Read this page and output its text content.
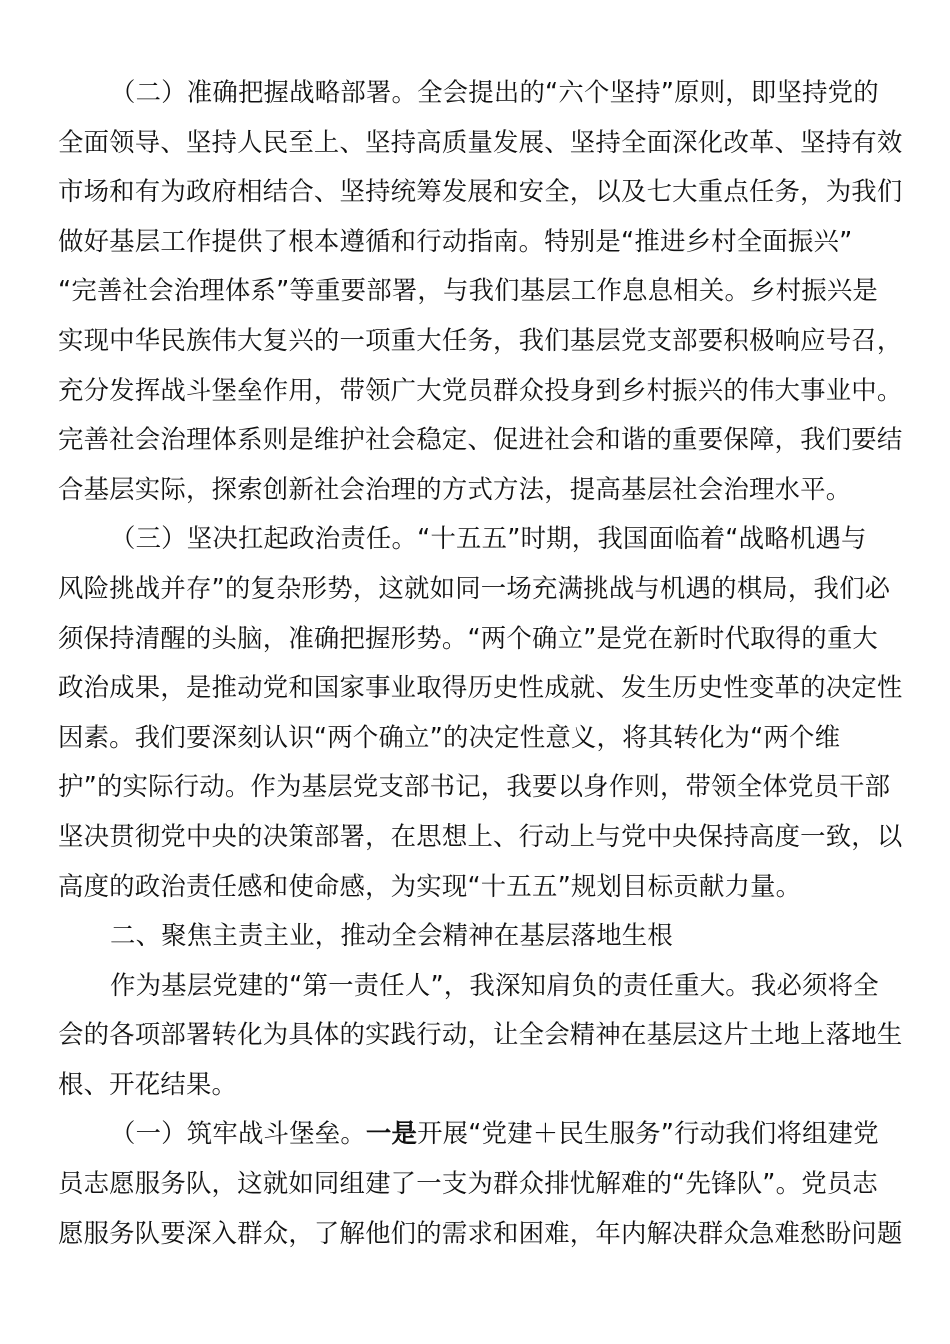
（二）准确把握战略部署。全会提出的“六个坚持”原则，即坚持党的
全面领导、坚持人民至上、坚持高质量发展、坚持全面深化改革、坚持有效
市场和有为政府相结合、坚持统筹发展和安全，以及七大重点任务，为我们
做好基层工作提供了根本遵循和行动指南。特别是“推进乡村全面振兴”
“完善社会治理体系”等重要部署，与我们基层工作息息相关。乡村振兴是
实现中华民族伟大复兴的一项重大任务，我们基层党支部要积极响应号召，
充分发挥战斗堡垒作用，带领广大党员群众投身到乡村振兴的伟大事业中。
完善社会治理体系则是维护社会稳定、促进社会和谐的重要保障，我们要结
合基层实际，探索创新社会治理的方式方法，提高基层社会治理水平。
（三）坚决扛起政治责任。“十五五”时期，我国面临着“战略机遇与
风险挑战并存”的复杂形势，这就如同一场充满挑战与机遇的棋局，我们必
须保持清醒的头脑，准确把握形势。“两个确立”是党在新时代取得的重大
政治成果，是推动党和国家事业取得历史性成就、发生历史性变革的决定性
因素。我们要深刻认识“两个确立”的决定性意义，将其转化为“两个维
护”的实际行动。作为基层党支部书记，我要以身作则，带领全体党员干部
坚决贯彻党中央的决策部署，在思想上、行动上与党中央保持高度一致，以
高度的政治责任感和使命感，为实现“十五五”规划目标贡献力量。
二、聚焦主责主业，推动全会精神在基层落地生根
作为基层党建的“第一责任人”，我深知肩负的责任重大。我必须将全
会的各项部署转化为具体的实践行动，让全会精神在基层这片土地上落地生
根、开花结果。
（一）筑牢战斗堡垒。一是开展“党建＋民生服务”行动我们将组建党
员志愿服务队，这就如同组建了一支为群众排忧解难的“先锋队”。党员志
愿服务队要深入群众，了解他们的需求和困难，年内解决群众急难愁盼问题
